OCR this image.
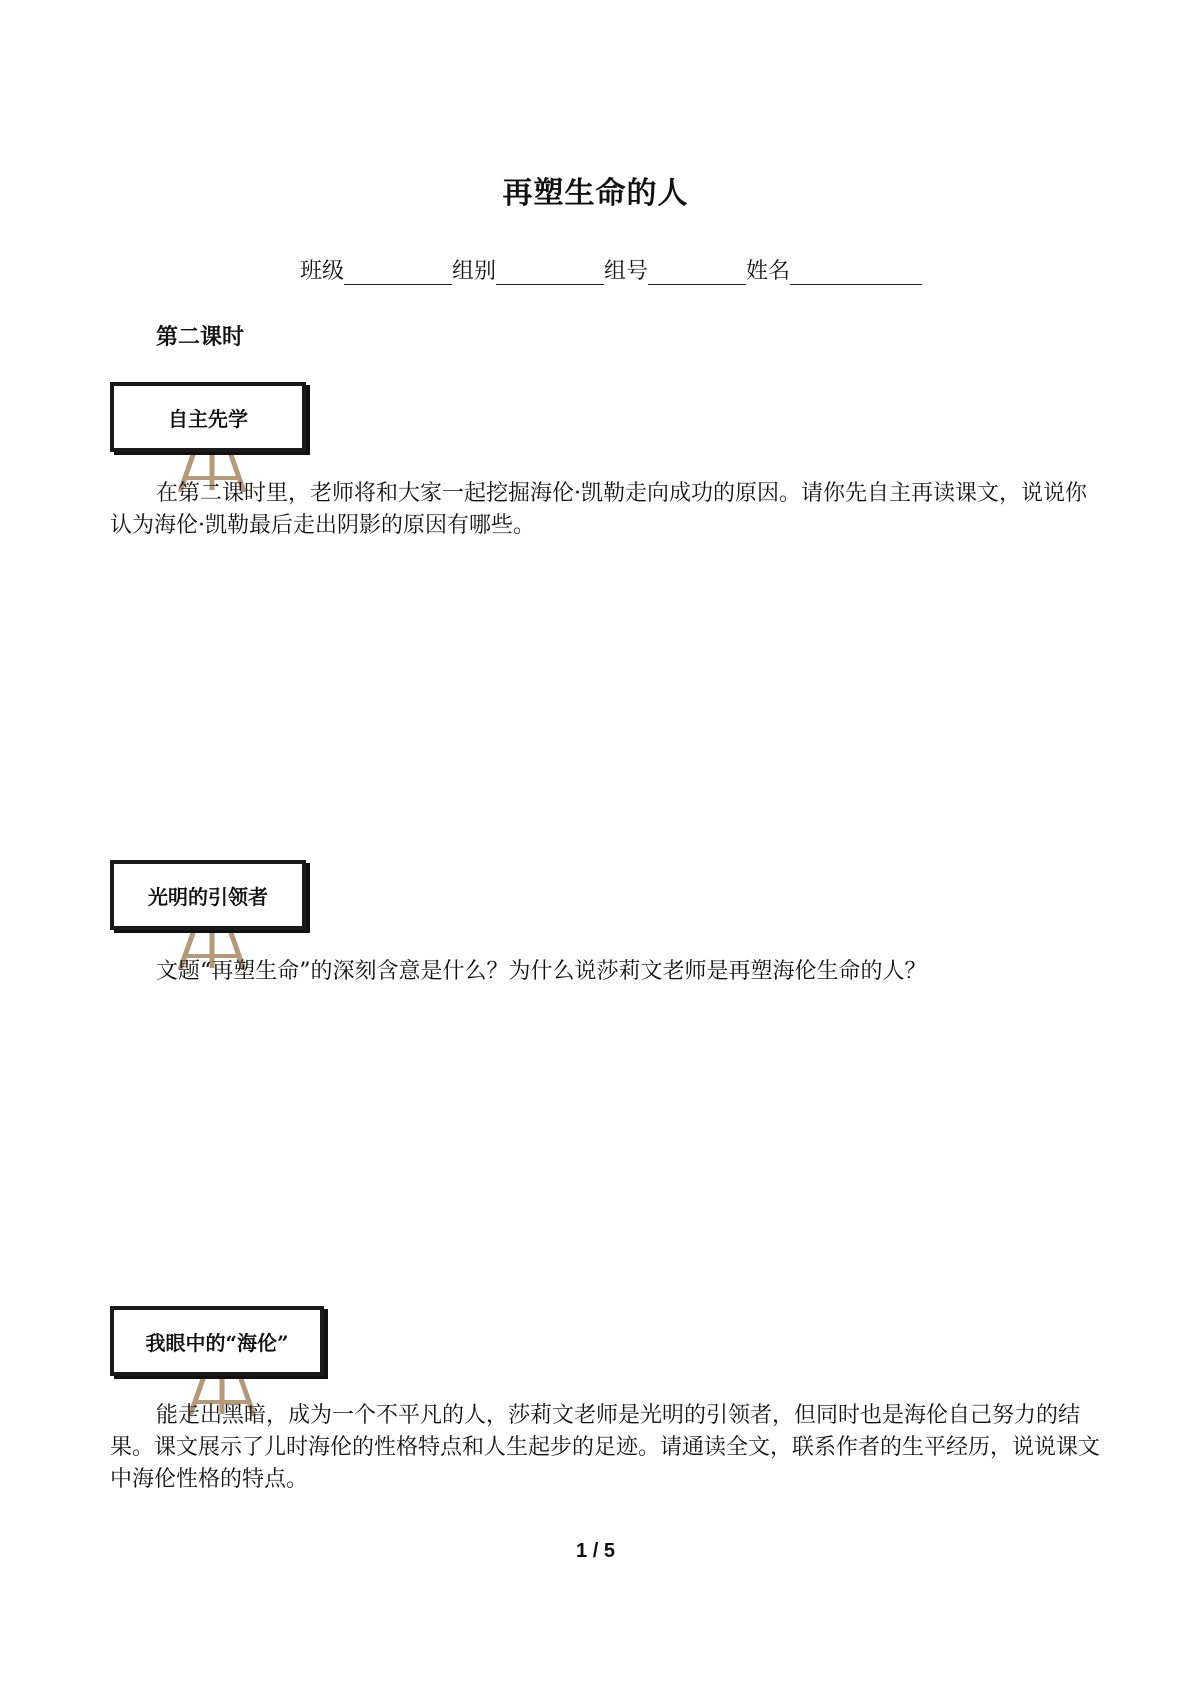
再塑生命的人
班级	组别	组号	姓名
第二课时
自主先学
在第二课时里，老师将和大家一起挖掘海伦·凯勒走向成功的原因。请你先自主再读课文，说说你认为海伦·凯勒最后走出阴影的原因有哪些。
光明的引领者
文题“再塑生命”的深刻含意是什么？为什么说莎莉文老师是再塑海伦生命的人？
我眼中的“海伦”
能走出黑暗，成为一个不平凡的人，莎莉文老师是光明的引领者，但同时也是海伦自己努力的结果。课文展示了儿时海伦的性格特点和人生起步的足迹。请通读全文，联系作者的生平经历，说说课文中海伦性格的特点。
1 / 5
